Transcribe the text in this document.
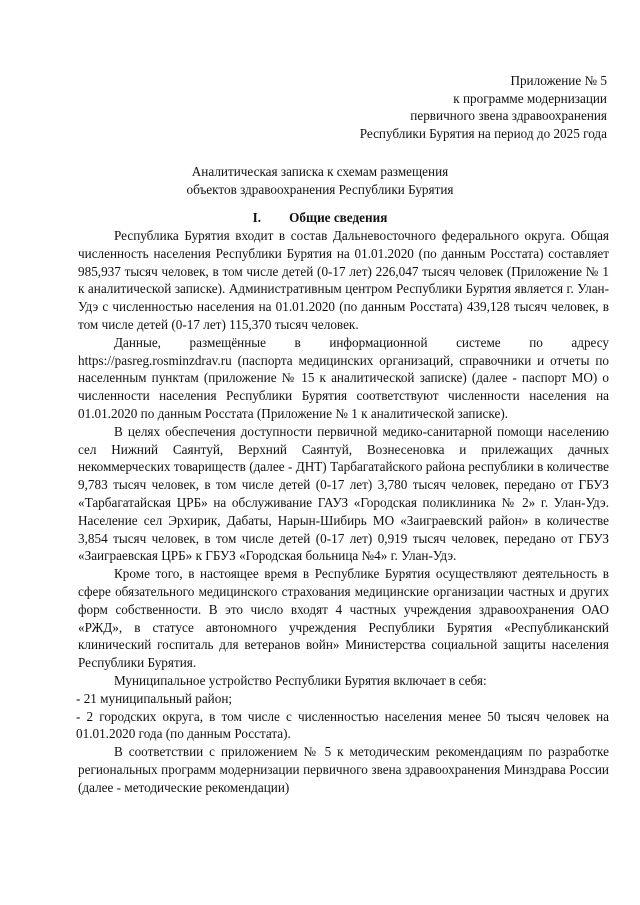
Приложение № 5
к программе модернизации
первичного звена здравоохранения
Республики Бурятия на период до 2025 года
Аналитическая записка к схемам размещения
объектов здравоохранения Республики Бурятия
I. Общие сведения

Республика Бурятия входит в состав Дальневосточного федерального округа. Общая численность населения Республики Бурятия на 01.01.2020 (по данным Росстата) составляет 985,937 тысяч человек, в том числе детей (0-17 лет) 226,047 тысяч человек (Приложение № 1 к аналитической записке). Административным центром Республики Бурятия является г. Улан-Удэ с численностью населения на 01.01.2020 (по данным Росстата) 439,128 тысяч человек, в том числе детей (0-17 лет) 115,370 тысяч человек.

Данные, размещённые в информационной системе по адресу https://pasreg.rosminzdrav.ru (паспорта медицинских организаций, справочники и отчеты по населенным пунктам (приложение № 15 к аналитической записке) (далее - паспорт МО) о численности населения Республики Бурятия соответствуют численности населения на 01.01.2020 по данным Росстата (Приложение № 1 к аналитической записке).

В целях обеспечения доступности первичной медико-санитарной помощи населению сел Нижний Саянтуй, Верхний Саянтуй, Вознесеновка и прилежащих дачных некоммерческих товариществ (далее - ДНТ) Тарбагатайского района республики в количестве 9,783 тысяч человек, в том числе детей (0-17 лет) 3,780 тысяч человек, передано от ГБУЗ «Тарбагатайская ЦРБ» на обслуживание ГАУЗ «Городская поликлиника № 2» г. Улан-Удэ. Население сел Эрхирик, Дабаты, Нарын-Шибирь МО «Заиграевский район» в количестве 3,854 тысяч человек, в том числе детей (0-17 лет) 0,919 тысяч человек, передано от ГБУЗ «Заиграевская ЦРБ» к ГБУЗ «Городская больница №4» г. Улан-Удэ.

Кроме того, в настоящее время в Республике Бурятия осуществляют деятельность в сфере обязательного медицинского страхования медицинские организации частных и других форм собственности. В это число входят 4 частных учреждения здравоохранения ОАО «РЖД», в статусе автономного учреждения Республики Бурятия «Республиканский клинический госпиталь для ветеранов войн» Министерства социальной защиты населения Республики Бурятия.

Муниципальное устройство Республики Бурятия включает в себя:

- 21 муниципальный район;

- 2 городских округа, в том числе с численностью населения менее 50 тысяч человек на 01.01.2020 года (по данным Росстата).

В соответствии с приложением № 5 к методическим рекомендациям по разработке региональных программ модернизации первичного звена здравоохранения Минздрава России (далее - методические рекомендации)
